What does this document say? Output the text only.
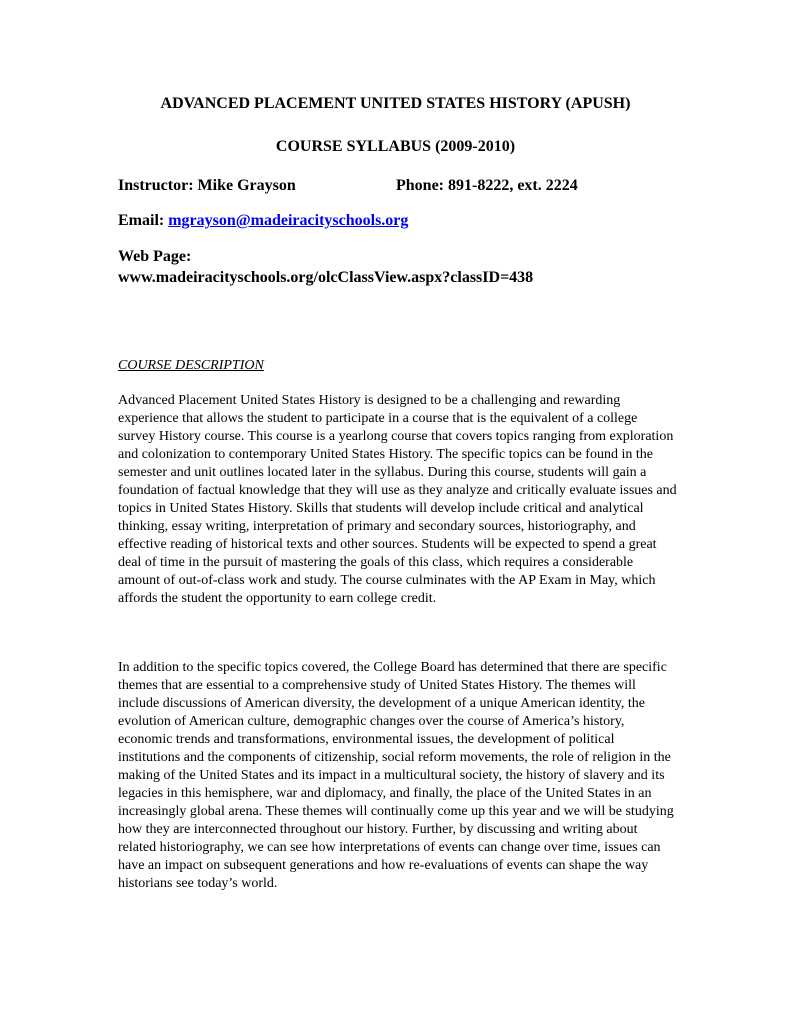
ADVANCED PLACEMENT UNITED STATES HISTORY (APUSH)
COURSE SYLLABUS (2009-2010)
Instructor: Mike Grayson	Phone: 891-8222, ext. 2224
Email: mgrayson@madeiracityschools.org
Web Page:
www.madeiracityschools.org/olcClassView.aspx?classID=438
COURSE DESCRIPTION

Advanced Placement United States History is designed to be a challenging and rewarding experience that allows the student to participate in a course that is the equivalent of a college survey History course. This course is a yearlong course that covers topics ranging from exploration and colonization to contemporary United States History. The specific topics can be found in the semester and unit outlines located later in the syllabus. During this course, students will gain a foundation of factual knowledge that they will use as they analyze and critically evaluate issues and topics in United States History. Skills that students will develop include critical and analytical thinking, essay writing, interpretation of primary and secondary sources, historiography, and effective reading of historical texts and other sources. Students will be expected to spend a great deal of time in the pursuit of mastering the goals of this class, which requires a considerable amount of out-of-class work and study. The course culminates with the AP Exam in May, which affords the student the opportunity to earn college credit.

In addition to the specific topics covered, the College Board has determined that there are specific themes that are essential to a comprehensive study of United States History. The themes will include discussions of American diversity, the development of a unique American identity, the evolution of American culture, demographic changes over the course of America’s history, economic trends and transformations, environmental issues, the development of political institutions and the components of citizenship, social reform movements, the role of religion in the making of the United States and its impact in a multicultural society, the history of slavery and its legacies in this hemisphere, war and diplomacy, and finally, the place of the United States in an increasingly global arena. These themes will continually come up this year and we will be studying how they are interconnected throughout our history. Further, by discussing and writing about related historiography, we can see how interpretations of events can change over time, issues can have an impact on subsequent generations and how re-evaluations of events can shape the way historians see today’s world.
